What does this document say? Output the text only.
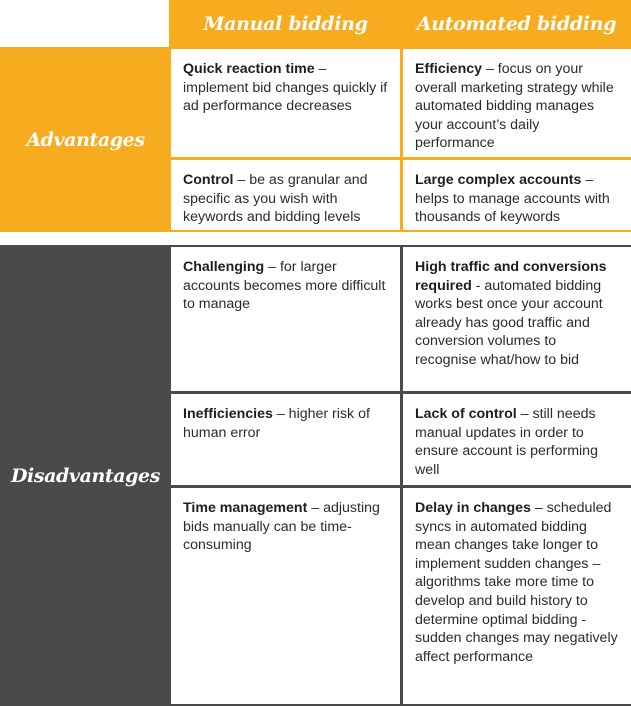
Manual bidding	Automated bidding
Advantages
Quick reaction time – implement bid changes quickly if ad performance decreases
Efficiency – focus on your overall marketing strategy while automated bidding manages your account’s daily performance
Control – be as granular and specific as you wish with keywords and bidding levels
Large complex accounts – helps to manage accounts with thousands of keywords
Disadvantages
Challenging – for larger accounts becomes more difficult to manage
High traffic and conversions required - automated bidding works best once your account already has good traffic and conversion volumes to recognise what/how to bid
Inefficiencies – higher risk of human error
Lack of control – still needs manual updates in order to ensure account is performing well
Time management – adjusting bids manually can be time-consuming
Delay in changes – scheduled syncs in automated bidding mean changes take longer to implement sudden changes – algorithms take more time to develop and build history to determine optimal bidding - sudden changes may negatively affect performance
